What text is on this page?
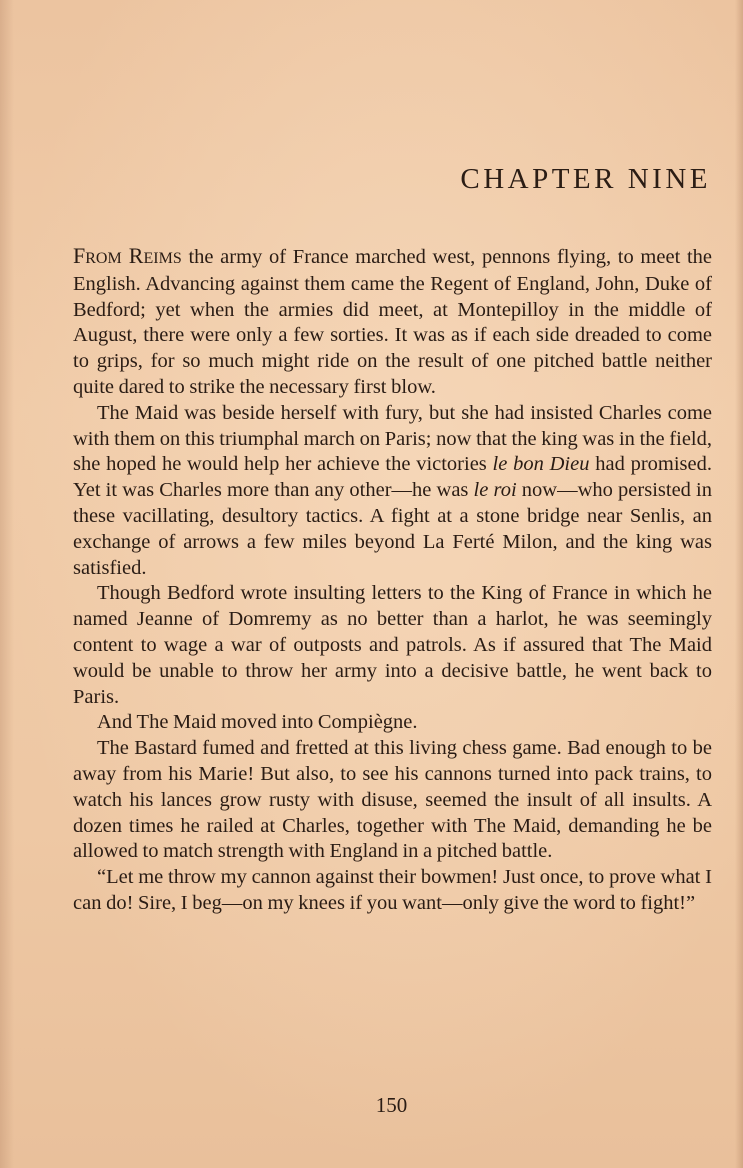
CHAPTER NINE

FROM REIMS the army of France marched west, pennons flying, to meet the English. Advancing against them came the Regent of England, John, Duke of Bedford; yet when the armies did meet, at Montepilloy in the middle of August, there were only a few sorties. It was as if each side dreaded to come to grips, for so much might ride on the result of one pitched battle neither quite dared to strike the necessary first blow.

The Maid was beside herself with fury, but she had insisted Charles come with them on this triumphal march on Paris; now that the king was in the field, she hoped he would help her achieve the victories le bon Dieu had promised. Yet it was Charles more than any other—he was le roi now—who persisted in these vacillating, desultory tactics. A fight at a stone bridge near Senlis, an exchange of arrows a few miles beyond La Ferté Milon, and the king was satisfied.

Though Bedford wrote insulting letters to the King of France in which he named Jeanne of Domremy as no better than a harlot, he was seemingly content to wage a war of outposts and patrols. As if assured that The Maid would be unable to throw her army into a decisive battle, he went back to Paris.

And The Maid moved into Compiègne.

The Bastard fumed and fretted at this living chess game. Bad enough to be away from his Marie! But also, to see his cannons turned into pack trains, to watch his lances grow rusty with disuse, seemed the insult of all insults. A dozen times he railed at Charles, together with The Maid, demanding he be allowed to match strength with England in a pitched battle.

“Let me throw my cannon against their bowmen! Just once, to prove what I can do! Sire, I beg—on my knees if you want—only give the word to fight!”

150
